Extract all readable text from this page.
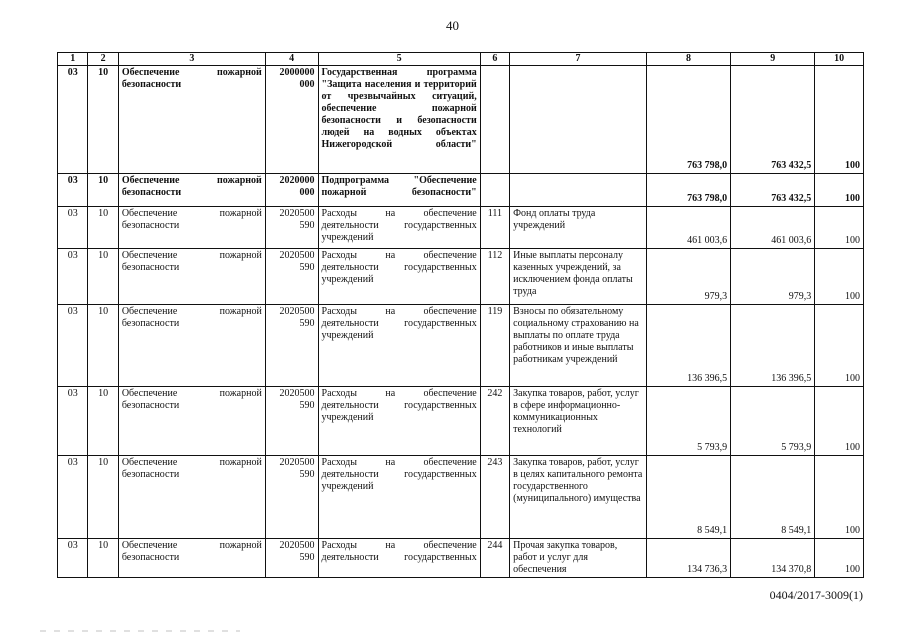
40
1	2	3	4	5	6	7	8	9	10
03	10	Обеспечение пожарной безопасности	2000000 000	Государственная программа "Защита населения и территорий от чрезвычайных ситуаций, обеспечение пожарной безопасности и безопасности людей на водных объектах Нижегородской области"			763 798,0	763 432,5	100
03	10	Обеспечение пожарной безопасности	2020000 000	Подпрограмма "Обеспечение пожарной безопасности"			763 798,0	763 432,5	100
03	10	Обеспечение пожарной безопасности	2020500 590	Расходы на обеспечение деятельности государственных учреждений	111	Фонд оплаты труда учреждений	461 003,6	461 003,6	100
03	10	Обеспечение пожарной безопасности	2020500 590	Расходы на обеспечение деятельности государственных учреждений	112	Иные выплаты персоналу казенных учреждений, за исключением фонда оплаты труда	979,3	979,3	100
03	10	Обеспечение пожарной безопасности	2020500 590	Расходы на обеспечение деятельности государственных учреждений	119	Взносы по обязательному социальному страхованию на выплаты по оплате труда работников и иные выплаты работникам учреждений	136 396,5	136 396,5	100
03	10	Обеспечение пожарной безопасности	2020500 590	Расходы на обеспечение деятельности государственных учреждений	242	Закупка товаров, работ, услуг в сфере информационно-коммуникационных технологий	5 793,9	5 793,9	100
03	10	Обеспечение пожарной безопасности	2020500 590	Расходы на обеспечение деятельности государственных учреждений	243	Закупка товаров, работ, услуг в целях капитального ремонта государственного (муниципального) имущества	8 549,1	8 549,1	100
03	10	Обеспечение пожарной безопасности	2020500 590	Расходы на обеспечение деятельности государственных	244	Прочая закупка товаров, работ и услуг для обеспечения	134 736,3	134 370,8	100
0404/2017-3009(1)
